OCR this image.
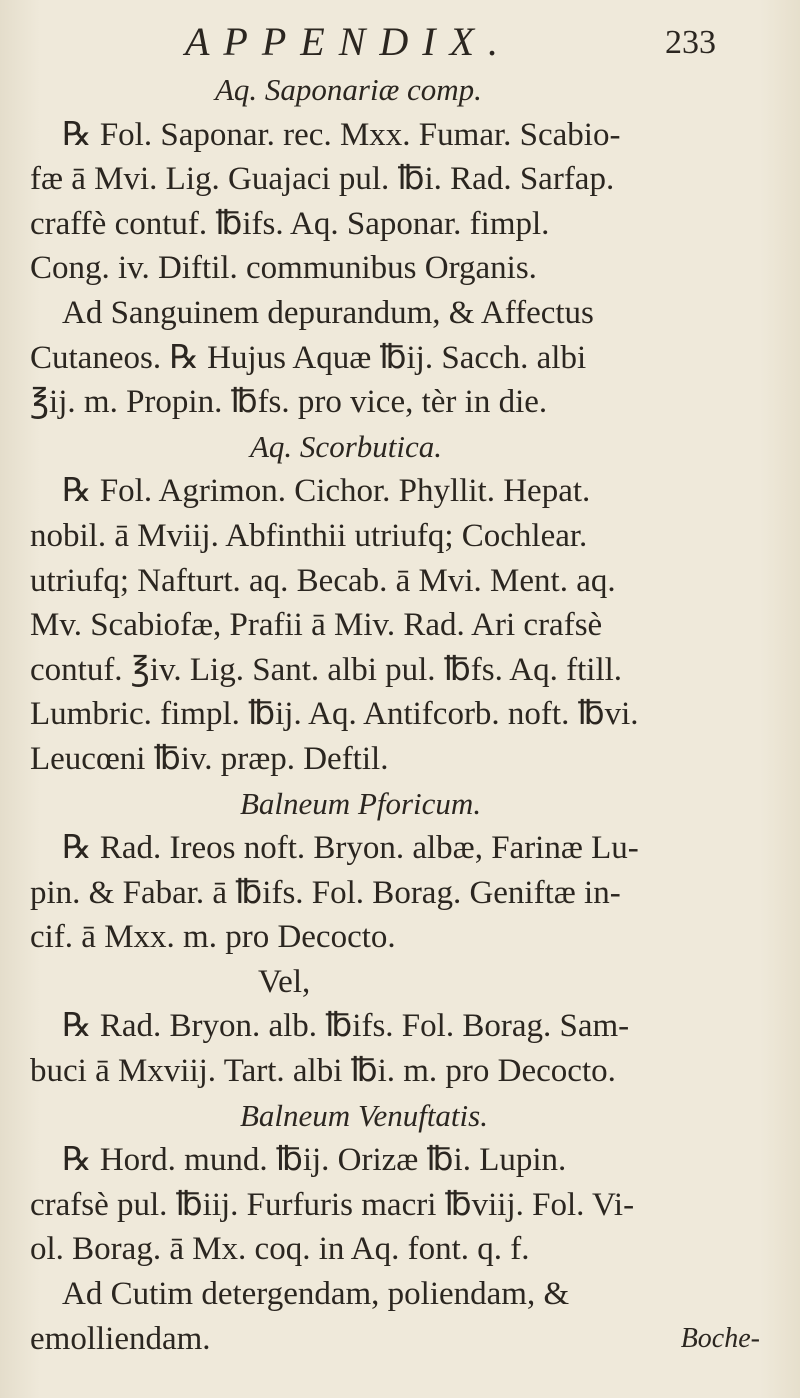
APPENDIX.	233
Aq. Saponariæ comp.
℞ Fol. Saponar. rec. Mxx. Fumar. Scabio-
fæ ā Mvi. Lig. Guajaci pul. ℔i. Rad. Sarfap.
craffè contuf. ℔ifs. Aq. Saponar. fimpl.
Cong. iv. Diftil. communibus Organis.
Ad Sanguinem depurandum, & Affectus
Cutaneos. ℞ Hujus Aquæ ℔ij. Sacch. albi
℥ij. m. Propin. ℔fs. pro vice, tèr in die.
Aq. Scorbutica.
℞ Fol. Agrimon. Cichor. Phyllit. Hepat.
nobil. ā Mviij. Abfinthii utriufq; Cochlear.
utriufq; Nafturt. aq. Becab. ā Mvi. Ment. aq.
Mv. Scabiofæ, Prafii ā Miv. Rad. Ari crafsè
contuf. ℥iv. Lig. Sant. albi pul. ℔fs. Aq. ftill.
Lumbric. fimpl. ℔ij. Aq. Antifcorb. noft. ℔vi.
Leucœni ℔iv. præp. Deftil.
Balneum Pforicum.
℞ Rad. Ireos noft. Bryon. albæ, Farinæ Lu-
pin. & Fabar. ā ℔ifs. Fol. Borag. Geniftæ in-
cif. ā Mxx. m. pro Decocto.
Vel,
℞ Rad. Bryon. alb. ℔ifs. Fol. Borag. Sam-
buci ā Mxviij. Tart. albi ℔i. m. pro Decocto.
Balneum Venuftatis.
℞ Hord. mund. ℔ij. Orizæ ℔i. Lupin.
crafsè pul. ℔iij. Furfuris macri ℔viij. Fol. Vi-
ol. Borag. ā Mx. coq. in Aq. font. q. f.
Ad Cutim detergendam, poliendam, &
emolliendam.	Boche-
